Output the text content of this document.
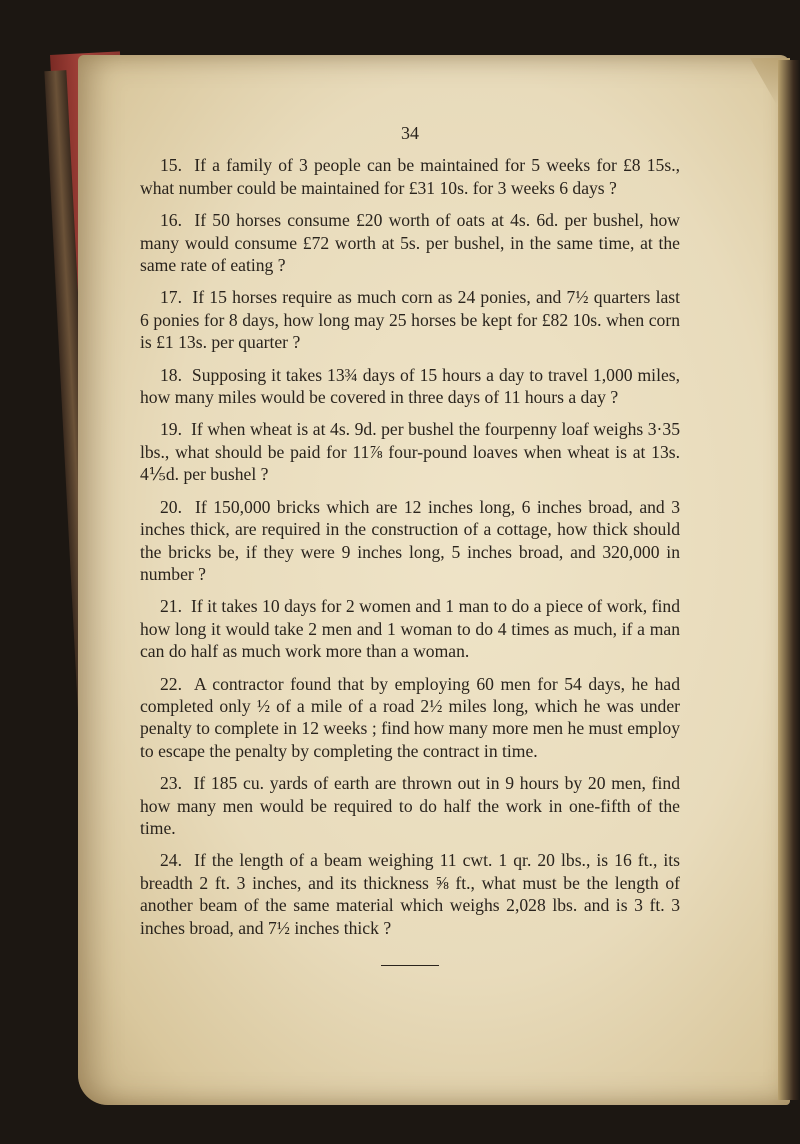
34

15. If a family of 3 people can be maintained for 5 weeks for £8 15s., what number could be maintained for £31 10s. for 3 weeks 6 days ?

16. If 50 horses consume £20 worth of oats at 4s. 6d. per bushel, how many would consume £72 worth at 5s. per bushel, in the same time, at the same rate of eating ?

17. If 15 horses require as much corn as 24 ponies, and 7½ quarters last 6 ponies for 8 days, how long may 25 horses be kept for £82 10s. when corn is £1 13s. per quarter ?

18. Supposing it takes 13¾ days of 15 hours a day to travel 1,000 miles, how many miles would be covered in three days of 11 hours a day ?

19. If when wheat is at 4s. 9d. per bushel the fourpenny loaf weighs 3·35 lbs., what should be paid for 11⅞ four-pound loaves when wheat is at 13s. 4⅕d. per bushel ?

20. If 150,000 bricks which are 12 inches long, 6 inches broad, and 3 inches thick, are required in the construction of a cottage, how thick should the bricks be, if they were 9 inches long, 5 inches broad, and 320,000 in number ?

21. If it takes 10 days for 2 women and 1 man to do a piece of work, find how long it would take 2 men and 1 woman to do 4 times as much, if a man can do half as much work more than a woman.

22. A contractor found that by employing 60 men for 54 days, he had completed only ½ of a mile of a road 2½ miles long, which he was under penalty to complete in 12 weeks ; find how many more men he must employ to escape the penalty by completing the contract in time.

23. If 185 cu. yards of earth are thrown out in 9 hours by 20 men, find how many men would be required to do half the work in one-fifth of the time.

24. If the length of a beam weighing 11 cwt. 1 qr. 20 lbs., is 16 ft., its breadth 2 ft. 3 inches, and its thickness ⅝ ft., what must be the length of another beam of the same material which weighs 2,028 lbs. and is 3 ft. 3 inches broad, and 7½ inches thick ?
